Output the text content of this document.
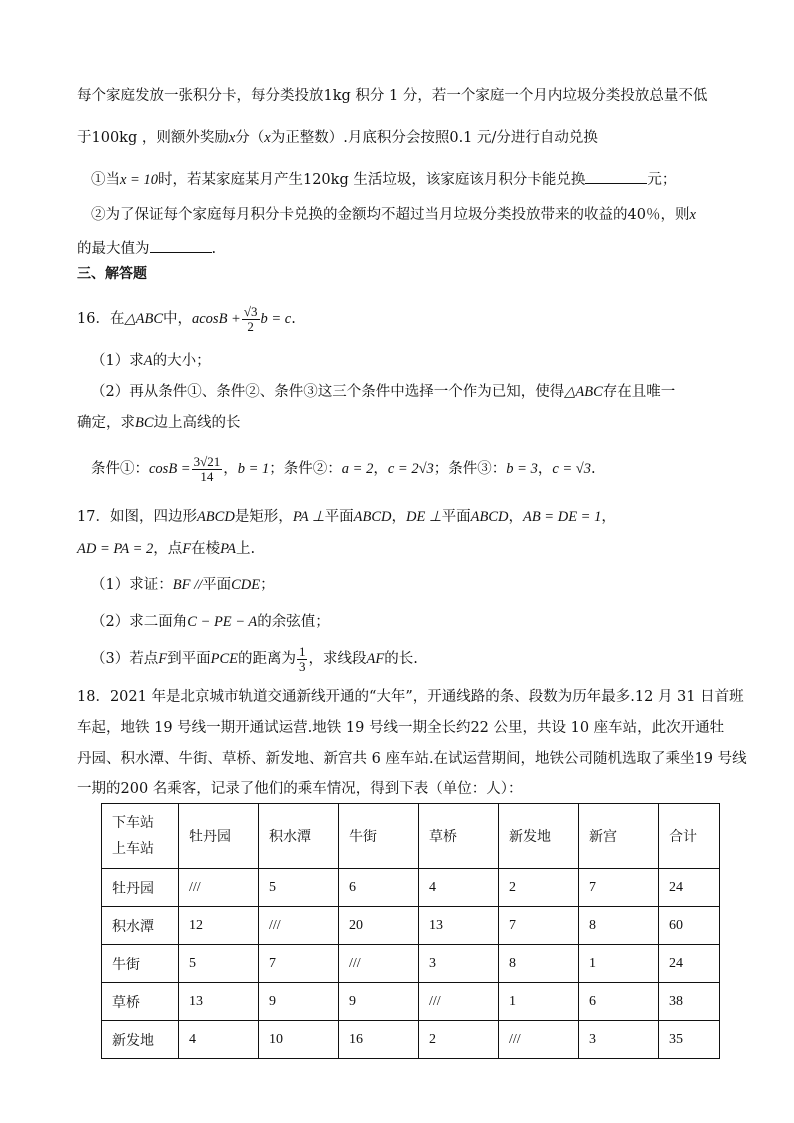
每个家庭发放一张积分卡，每分类投放1kg 积分 1 分，若一个家庭一个月内垃圾分类投放总量不低
于100kg ，则额外奖励x分（x为正整数）.月底积分会按照0.1 元/分进行自动兑换
①当x = 10时，若某家庭某月产生120kg 生活垃圾，该家庭该月积分卡能兑换	元；
②为了保证每个家庭每月积分卡兑换的金额均不超过当月垃圾分类投放带来的收益的40％，则x
的最大值为	.
三、解答题
16．在△ABC中，$acosB + \frac{√3}{2}$ b = c.
（1）求A的大小；
（2）再从条件①、条件②、条件③这三个条件中选择一个作为已知，使得△ABC存在且唯一
确定，求BC边上高线的长
条件①：$\cos B = \frac{3√21}{14}$ ，b = 1；条件②：a = 2，c = 2√3；条件③：b = 3，c = √3.
17．如图，四边形ABCD是矩形，PA ⊥平面ABCD，DE ⊥平面ABCD，AB = DE = 1，
AD = PA = 2，点F在棱PA上.
（1）求证：BF //平面CDE；
（2）求二面角C − PE − A的余弦值；
（3）若点F到平面PCE的距离为 $\frac{1}{3}$ ，求线段AF的长.
18．2021 年是北京城市轨道交通新线开通的“大年”，开通线路的条、段数为历年最多.12 月 31 日首班
车起，地铁 19 号线一期开通试运营.地铁 19 号线一期全长约22 公里，共设 10 座车站，此次开通牡
丹园、积水潭、牛街、草桥、新发地、新宫共 6 座车站.在试运营期间，地铁公司随机选取了乘坐19 号线
一期的200 名乘客，记录了他们的乘车情况，得到下表（单位：人）：
下车站
上车站	牡丹园	积水潭	牛街	草桥	新发地	新宫	合计
牡丹园	///	5	6	4	2	7	24
积水潭	12	///	20	13	7	8	60
牛街	5	7	///	3	8	1	24
草桥	13	9	9	///	1	6	38
新发地	4	10	16	2	///	3	35
